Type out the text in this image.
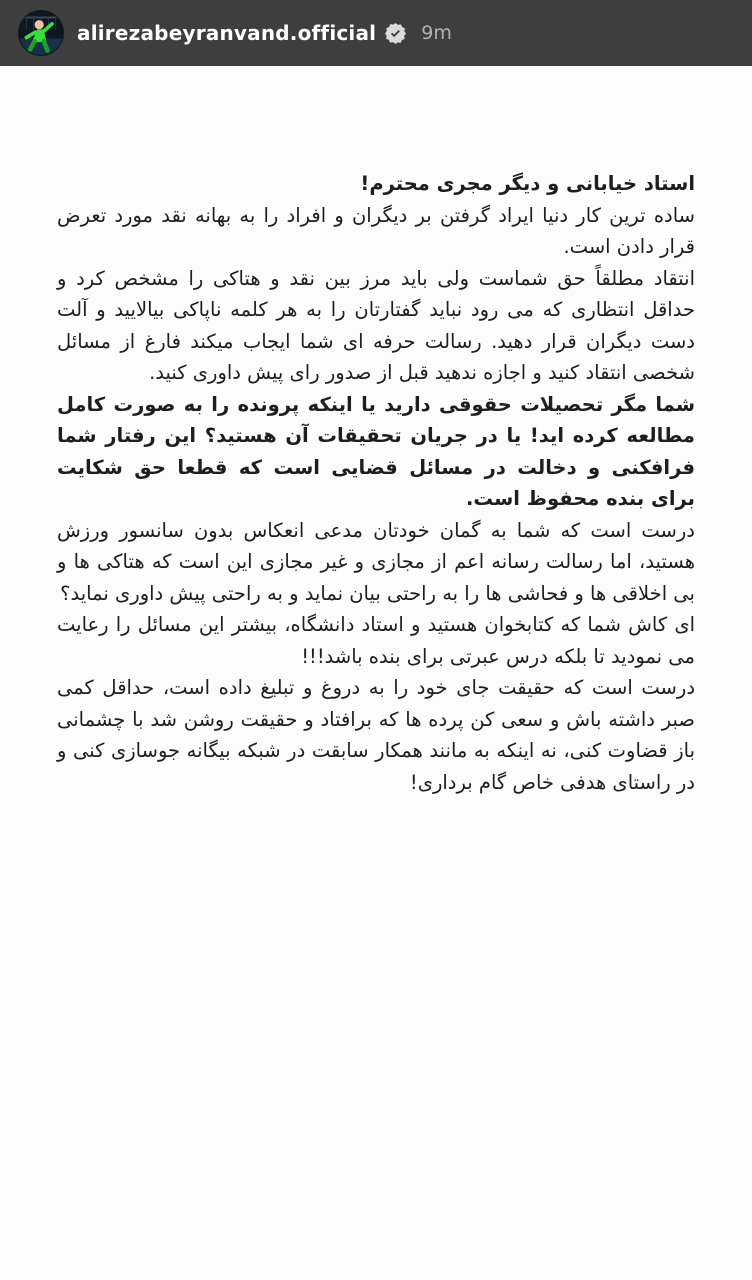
alirezabeyranvand.official 9m

استاد خیابانی و دیگر مجری محترم!

ساده ترین کار دنیا ایراد گرفتن بر دیگران و افراد را به بهانه نقد مورد تعرض قرار دادن است.

انتقاد مطلقاً حق شماست ولی باید مرز بین نقد و هتاکی را مشخص کرد و حداقل انتظاری که می رود نباید گفتارتان را به هر کلمه ناپاکی بیالایید و آلت دست دیگران قرار دهید. رسالت حرفه ای شما ایجاب میکند فارغ از مسائل شخصی انتقاد کنید و اجازه ندهید قبل از صدور رای پیش داوری کنید.

شما مگر تحصیلات حقوقی دارید یا اینکه پرونده را به صورت کامل مطالعه کرده اید! یا در جریان تحقیقات آن هستید؟ این رفتار شما فرافکنی و دخالت در مسائل قضایی است که قطعا حق شکایت برای بنده محفوظ است.

درست است که شما به گمان خودتان مدعی انعکاس بدون سانسور ورزش هستید، اما رسالت رسانه اعم از مجازی و غیر مجازی این است که هتاکی ها و بی اخلاقی ها و فحاشی ها را به راحتی بیان نماید و به راحتی پیش داوری نماید؟

ای کاش شما که کتابخوان هستید و استاد دانشگاه، بیشتر این مسائل را رعایت می نمودید تا بلکه درس عبرتی برای بنده باشد!!!

درست است که حقیقت جای خود را به دروغ و تبلیغ داده است، حداقل کمی صبر داشته باش و سعی کن پرده ها که برافتاد و حقیقت روشن شد با چشمانی باز قضاوت کنی، نه اینکه به مانند همکار سابقت در شبکه بیگانه جوسازی کنی و در راستای هدفی خاص گام برداری!
